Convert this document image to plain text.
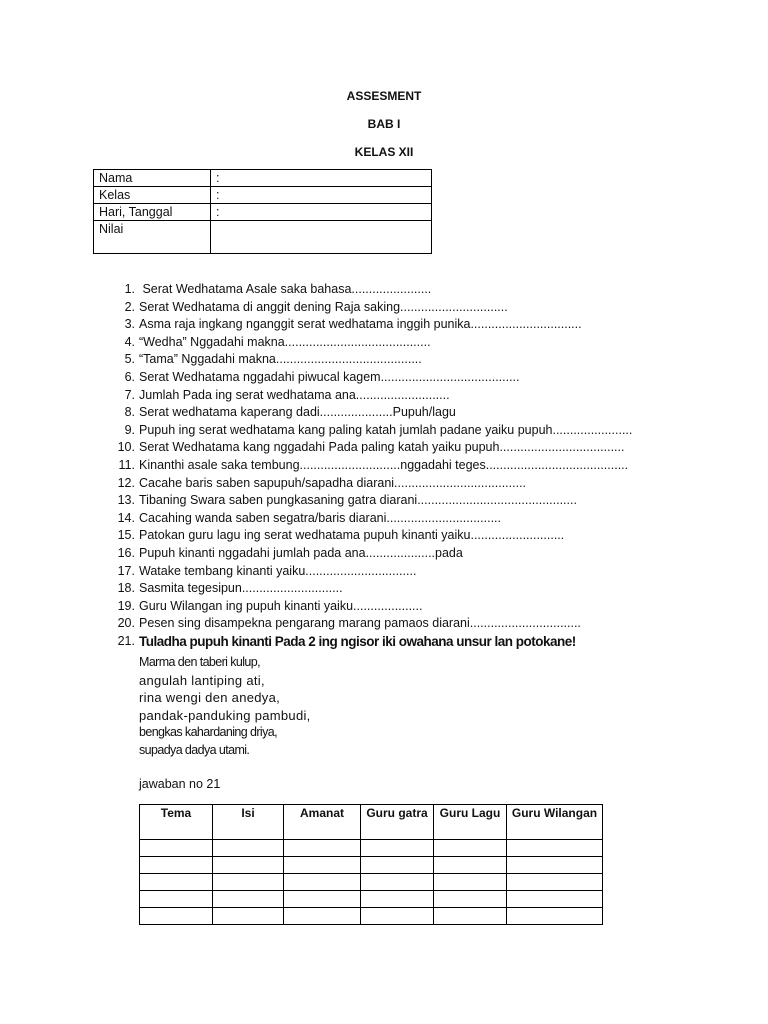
ASSESMENT
BAB I
KELAS XII
Nama	:
Kelas	:
Hari, Tanggal	:
Nilai	
1. Serat Wedhatama Asale saka bahasa.......................
2. Serat Wedhatama di anggit dening Raja saking...............................
3. Asma raja ingkang nganggit serat wedhatama inggih punika................................
4. “Wedha” Nggadahi makna..........................................
5. “Tama” Nggadahi makna..........................................
6. Serat Wedhatama nggadahi piwucal kagem........................................
7. Jumlah Pada ing serat wedhatama ana...........................
8. Serat wedhatama kaperang dadi.....................Pupuh/lagu
9. Pupuh ing serat wedhatama kang paling katah jumlah padane yaiku pupuh.......................
10. Serat Wedhatama kang nggadahi Pada paling katah yaiku pupuh....................................
11. Kinanthi asale saka tembung.............................nggadahi teges.........................................
12. Cacahe baris saben sapupuh/sapadha diarani......................................
13. Tibaning Swara saben pungkasaning gatra diarani..............................................
14. Cacahing wanda saben segatra/baris diarani.................................
15. Patokan guru lagu ing serat wedhatama pupuh kinanti yaiku...........................
16. Pupuh kinanti nggadahi jumlah pada ana....................pada
17. Watake tembang kinanti yaiku................................
18. Sasmita tegesipun.............................
19. Guru Wilangan ing pupuh kinanti yaiku....................
20. Pesen sing disampekna pengarang marang pamaos diarani................................
21. Tuladha pupuh kinanti Pada 2 ing ngisor iki owahana unsur lan potokane!
Marma den taberi kulup,
angulah lantiping ati,
rina wengi den anedya,
pandak-panduking pambudi,
bengkas kahardaning driya,
supadya dadya utami.
jawaban no 21
Tema	Isi	Amanat	Guru gatra	Guru Lagu	Guru Wilangan
